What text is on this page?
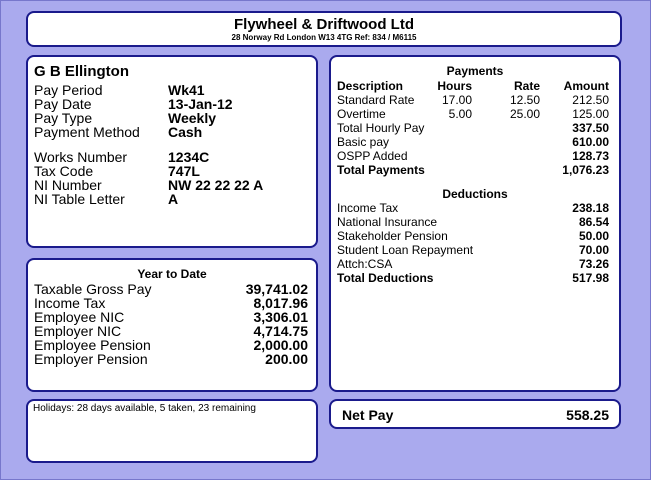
Flywheel & Driftwood Ltd
28 Norway Rd London W13 4TG Ref: 834 / M6115
G B Ellington
Pay Period	Wk41
Pay Date	13-Jan-12
Pay Type	Weekly
Payment Method Cash
Works Number	1234C
Tax Code	747L
NI Number	NW 22 22 22 A
NI Table Letter	A
Year to Date
Taxable Gross Pay	39,741.02
Income Tax	8,017.96
Employee NIC	3,306.01
Employer NIC	4,714.75
Employee Pension	2,000.00
Employer Pension	200.00
Holidays: 28 days available, 5 taken, 23 remaining
Payments
Description	Hours	Rate Amount
Standard Rate 17.00	12.50	212.50
Overtime	5.00	25.00	125.00
Total Hourly Pay	337.50
Basic pay	610.00
OSPP Added	128.73
Total Payments	1,076.23
Deductions
Income Tax	238.18
National Insurance	86.54
Stakeholder Pension	50.00
Student Loan Repayment	70.00
Attch:CSA	73.26
Total Deductions	517.98
Net Pay	558.25
